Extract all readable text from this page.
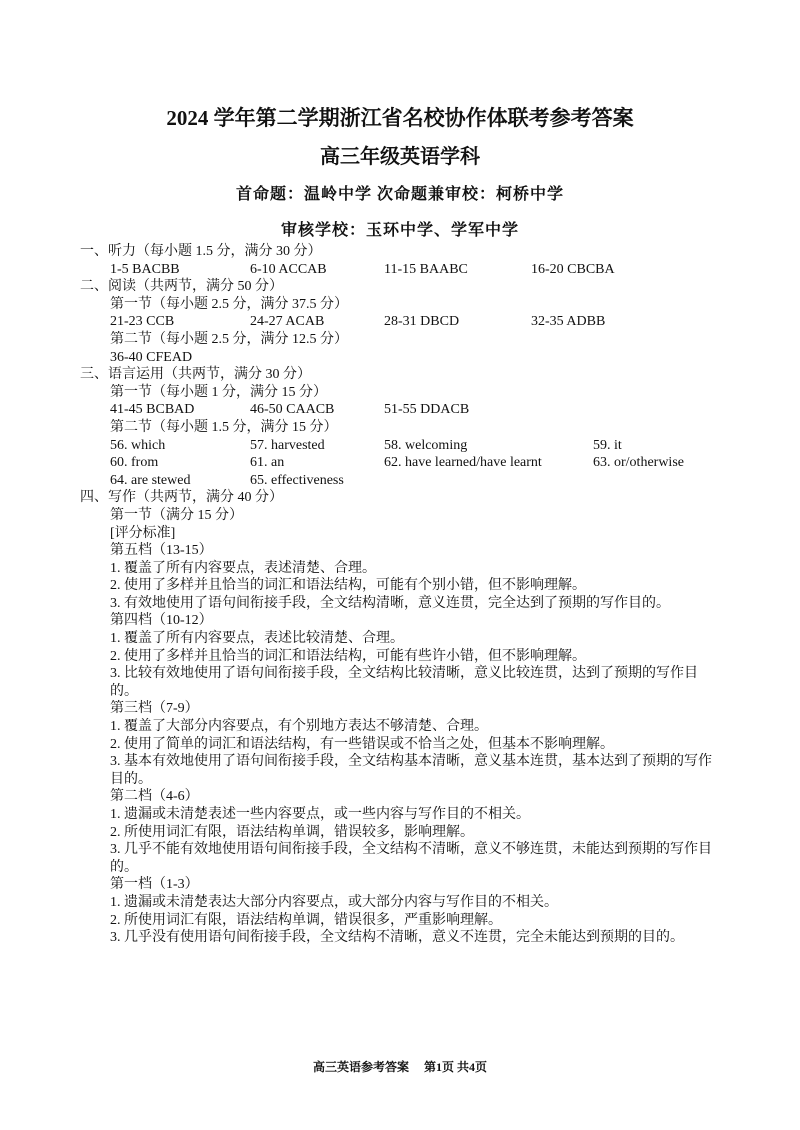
2024 学年第二学期浙江省名校协作体联考参考答案
高三年级英语学科
首命题：温岭中学 次命题兼审校：柯桥中学
审核学校：玉环中学、学军中学
一、听力（每小题 1.5 分，满分 30 分）
1-5 BACBB	6-10 ACCAB	11-15 BAABC	16-20 CBCBA
二、阅读（共两节，满分 50 分）
第一节（每小题 2.5 分，满分 37.5 分）
21-23 CCB	24-27 ACAB	28-31 DBCD	32-35 ADBB
第二节（每小题 2.5 分，满分 12.5 分）
36-40 CFEAD
三、语言运用（共两节，满分 30 分）
第一节（每小题 1 分，满分 15 分）
41-45 BCBAD	46-50 CAACB	51-55 DDACB
第二节（每小题 1.5 分，满分 15 分）
56. which	57. harvested	58. welcoming	59. it
60. from	61. an	62. have learned/have learnt	63. or/otherwise
64. are stewed	65. effectiveness
四、写作（共两节，满分 40 分）
第一节（满分 15 分）
[评分标准]
第五档（13-15）
1. 覆盖了所有内容要点，表述清楚、合理。
2. 使用了多样并且恰当的词汇和语法结构，可能有个别小错，但不影响理解。
3. 有效地使用了语句间衔接手段，全文结构清晰，意义连贯，完全达到了预期的写作目的。
第四档（10-12）
1. 覆盖了所有内容要点，表述比较清楚、合理。
2. 使用了多样并且恰当的词汇和语法结构，可能有些许小错，但不影响理解。
3. 比较有效地使用了语句间衔接手段，全文结构比较清晰，意义比较连贯，达到了预期的写作目的。
第三档（7-9）
1. 覆盖了大部分内容要点，有个别地方表达不够清楚、合理。
2. 使用了简单的词汇和语法结构，有一些错误或不恰当之处，但基本不影响理解。
3. 基本有效地使用了语句间衔接手段，全文结构基本清晰，意义基本连贯，基本达到了预期的写作目的。
第二档（4-6）
1. 遗漏或未清楚表述一些内容要点，或一些内容与写作目的不相关。
2. 所使用词汇有限，语法结构单调，错误较多，影响理解。
3. 几乎不能有效地使用语句间衔接手段，全文结构不清晰，意义不够连贯，未能达到预期的写作目的。
第一档（1-3）
1. 遗漏或未清楚表达大部分内容要点，或大部分内容与写作目的不相关。
2. 所使用词汇有限，语法结构单调，错误很多，严重影响理解。
3. 几乎没有使用语句间衔接手段，全文结构不清晰，意义不连贯，完全未能达到预期的目的。
高三英语参考答案 第1页 共4页
